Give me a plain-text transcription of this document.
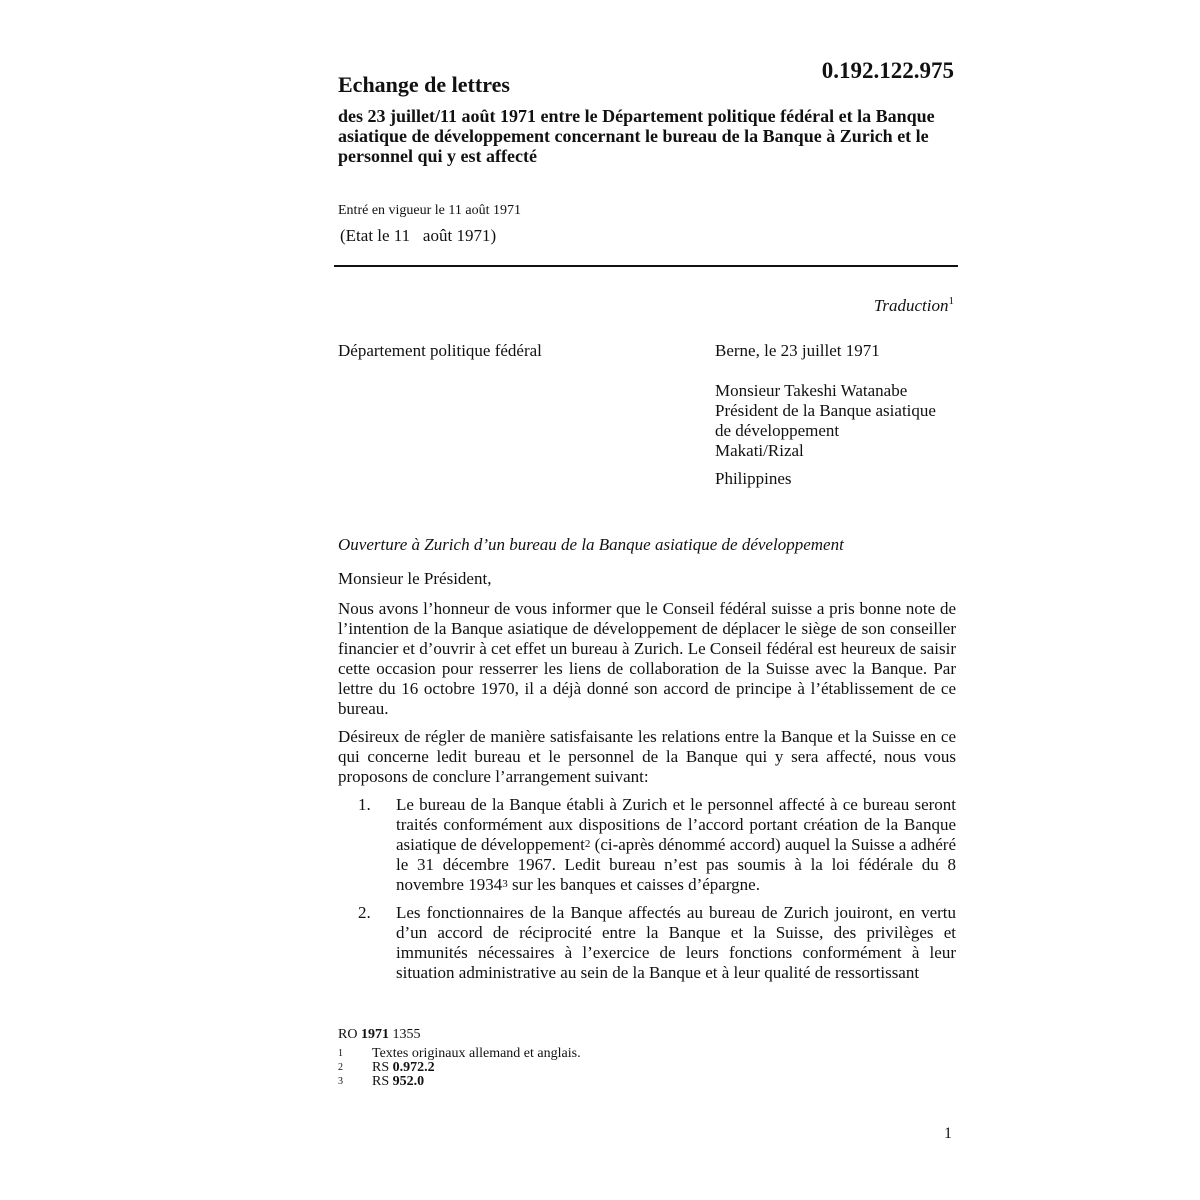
0.192.122.975
Echange de lettres
des 23 juillet/11 août 1971 entre le Département politique fédéral et la Banque asiatique de développement concernant le bureau de la Banque à Zurich et le personnel qui y est affecté
Entré en vigueur le 11 août 1971
(Etat le 11   août 1971)
Traduction$^1$
Département politique fédéral	Berne, le 23 juillet 1971
Monsieur Takeshi Watanabe
Président de la Banque asiatique
de développement
Makati/Rizal
Philippines
Ouverture à Zurich d’un bureau de la Banque asiatique de développement
Monsieur le Président,

Nous avons l’honneur de vous informer que le Conseil fédéral suisse a pris bonne note de l’intention de la Banque asiatique de développement de déplacer le siège de son conseiller financier et d’ouvrir à cet effet un bureau à Zurich. Le Conseil fédéral est heureux de saisir cette occasion pour resserrer les liens de collaboration de la Suisse avec la Banque. Par lettre du 16 octobre 1970, il a déjà donné son accord de principe à l’établissement de ce bureau.

Désireux de régler de manière satisfaisante les relations entre la Banque et la Suisse en ce qui concerne ledit bureau et le personnel de la Banque qui y sera affecté, nous vous proposons de conclure l’arrangement suivant:

1.	Le bureau de la Banque établi à Zurich et le personnel affecté à ce bureau seront traités conformément aux dispositions de l’accord portant création de la Banque asiatique de développement$^2$ (ci-après dénommé accord) auquel la Suisse a adhéré le 31 décembre 1967. Ledit bureau n’est pas soumis à la loi fédérale du 8 novembre 1934$^3$ sur les banques et caisses d’épargne.
2.	Les fonctionnaires de la Banque affectés au bureau de Zurich jouiront, en vertu d’un accord de réciprocité entre la Banque et la Suisse, des privilèges et immunités nécessaires à l’exercice de leurs fonctions conformément à leur situation administrative au sein de la Banque et à leur qualité de ressortissant
RO 1971 1355
1	Textes originaux allemand et anglais.
2	RS 0.972.2
3	RS 952.0
1
